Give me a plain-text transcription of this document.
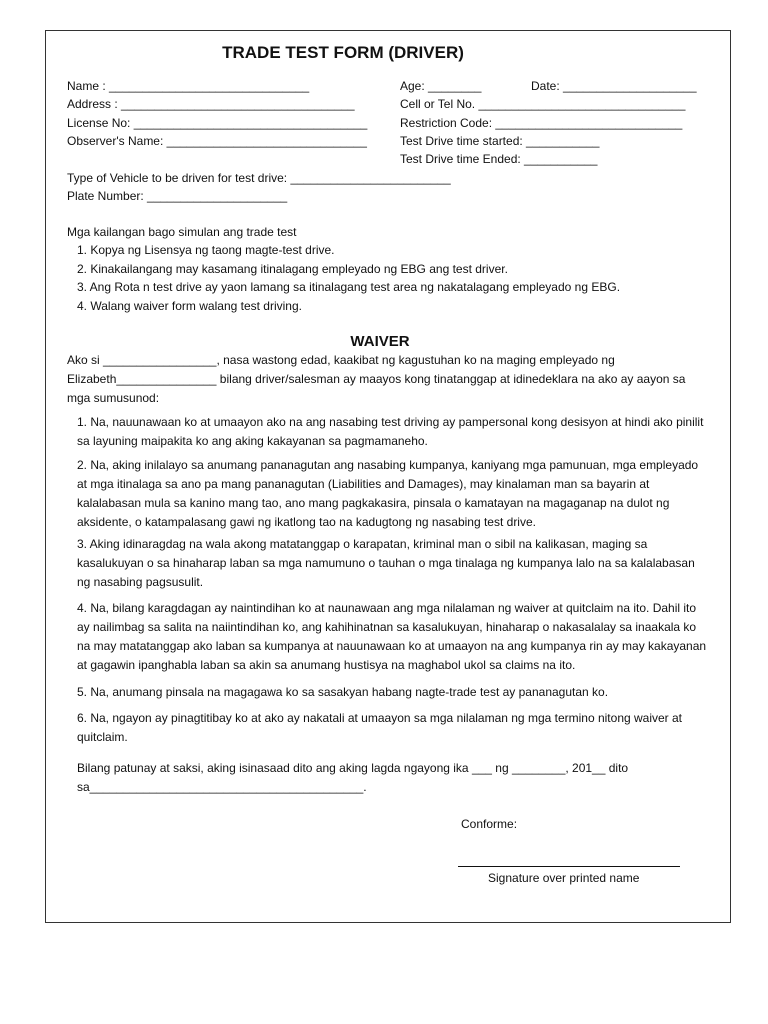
TRADE TEST FORM (DRIVER)
Name : ______________________________	Age: ________	Date: ____________________
Address : ___________________________________	Cell or Tel No. _______________________________
License No: ___________________________________	Restriction Code: ____________________________
Observer's Name: ______________________________	Test Drive time started: ___________
Test Drive time Ended: ___________
Type of Vehicle to be driven for test drive: ________________________
Plate Number: _____________________
Mga kailangan bago simulan ang trade test
1. Kopya ng Lisensya ng taong magte-test drive.
2. Kinakailangang may kasamang itinalagang empleyado ng EBG ang test driver.
3. Ang Rota n test drive ay yaon lamang sa itinalagang test area ng nakatalagang empleyado ng EBG.
4. Walang waiver form walang test driving.
WAIVER
Ako si _________________, nasa wastong edad, kaakibat ng kagustuhan ko na maging empleyado ng Elizabeth_______________ bilang driver/salesman ay maayos kong tinatanggap at idinedeklara na ako ay aayon sa mga sumusunod:
1. Na, nauunawaan ko at umaayon ako na ang nasabing test driving ay pampersonal kong desisyon at hindi ako pinilit sa layuning maipakita ko ang aking kakayanan sa pagmamaneho.
2. Na, aking inilalayo sa anumang pananagutan ang nasabing kumpanya, kaniyang mga pamunuan, mga empleyado at mga itinalaga sa ano pa mang pananagutan (Liabilities and Damages), may kinalaman man sa bayarin at kalalabasan mula sa kanino mang tao, ano mang pagkakasira, pinsala o kamatayan na magaganap na dulot ng aksidente, o katampalasang gawi ng ikatlong tao na kadugtong ng nasabing test drive.
3. Aking idinaragdag na wala akong matatanggap o karapatan, kriminal man o sibil na kalikasan, maging sa kasalukuyan o sa hinaharap laban sa mga namumuno o tauhan o mga tinalaga ng kumpanya lalo na sa kalalabasan ng nasabing pagsusulit.
4. Na, bilang karagdagan ay naintindihan ko at naunawaan ang mga nilalaman ng waiver at quitclaim na ito. Dahil ito ay nailimbag sa salita na naiintindihan ko, ang kahihinatnan sa kasalukuyan, hinaharap o nakasalalay sa inaakala ko na may matatanggap ako laban sa kumpanya at nauunawaan ko at umaayon na ang kumpanya rin ay may kakayanan at gagawin ipanghabla laban sa akin sa anumang hustisya na maghabol ukol sa claims na ito.
5. Na, anumang pinsala na magagawa ko sa sasakyan habang nagte-trade test ay pananagutan ko.
6. Na, ngayon ay pinagtitibay ko at ako ay nakatali at umaayon sa mga nilalaman ng mga termino nitong waiver at quitclaim.
Bilang patunay at saksi, aking isinasaad dito ang aking lagda ngayong ika ___ ng ________, 201__ dito sa_________________________________________.
Conforme:
Signature over printed name
